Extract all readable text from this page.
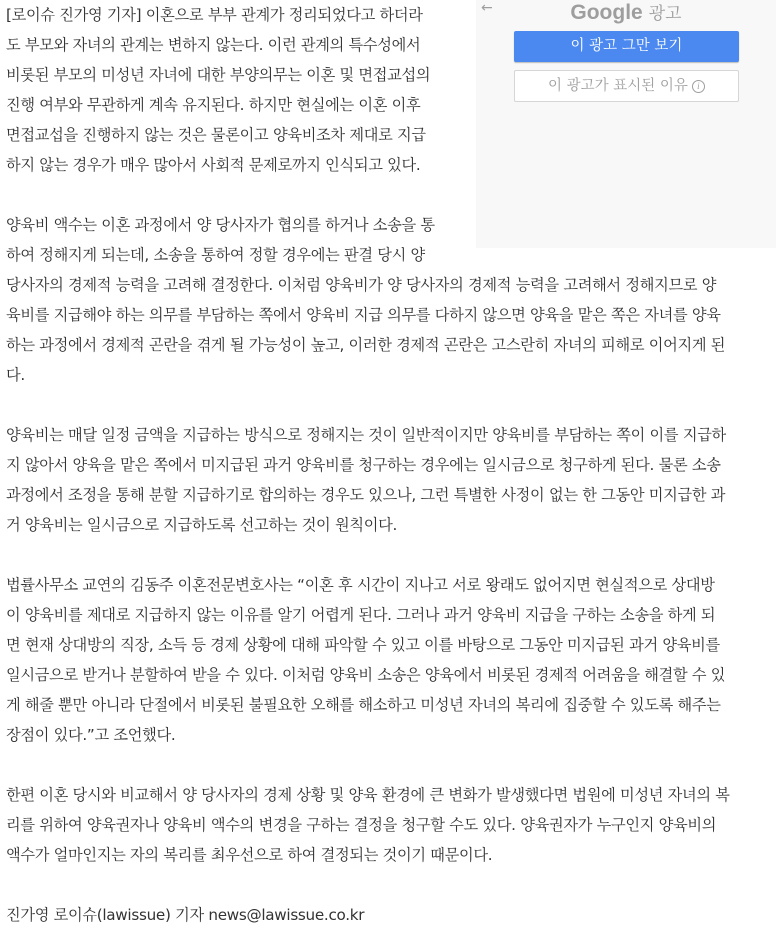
←	Google 광고
이 광고 그만 보기
이 광고가 표시된 이유 i
[로이슈 진가영 기자] 이혼으로 부부 관계가 정리되었다고 하더라
도 부모와 자녀의 관계는 변하지 않는다. 이런 관계의 특수성에서
비롯된 부모의 미성년 자녀에 대한 부양의무는 이혼 및 면접교섭의
진행 여부와 무관하게 계속 유지된다. 하지만 현실에는 이혼 이후
면접교섭을 진행하지 않는 것은 물론이고 양육비조차 제대로 지급
하지 않는 경우가 매우 많아서 사회적 문제로까지 인식되고 있다.
양육비 액수는 이혼 과정에서 양 당사자가 협의를 하거나 소송을 통
하여 정해지게 되는데, 소송을 통하여 정할 경우에는 판결 당시 양
당사자의 경제적 능력을 고려해 결정한다. 이처럼 양육비가 양 당사자의 경제적 능력을 고려해서 정해지므로 양
육비를 지급해야 하는 의무를 부담하는 쪽에서 양육비 지급 의무를 다하지 않으면 양육을 맡은 쪽은 자녀를 양육
하는 과정에서 경제적 곤란을 겪게 될 가능성이 높고, 이러한 경제적 곤란은 고스란히 자녀의 피해로 이어지게 된
다.
양육비는 매달 일정 금액을 지급하는 방식으로 정해지는 것이 일반적이지만 양육비를 부담하는 쪽이 이를 지급하
지 않아서 양육을 맡은 쪽에서 미지급된 과거 양육비를 청구하는 경우에는 일시금으로 청구하게 된다. 물론 소송
과정에서 조정을 통해 분할 지급하기로 합의하는 경우도 있으나, 그런 특별한 사정이 없는 한 그동안 미지급한 과
거 양육비는 일시금으로 지급하도록 선고하는 것이 원칙이다.
법률사무소 교연의 김동주 이혼전문변호사는 “이혼 후 시간이 지나고 서로 왕래도 없어지면 현실적으로 상대방
이 양육비를 제대로 지급하지 않는 이유를 알기 어렵게 된다. 그러나 과거 양육비 지급을 구하는 소송을 하게 되
면 현재 상대방의 직장, 소득 등 경제 상황에 대해 파악할 수 있고 이를 바탕으로 그동안 미지급된 과거 양육비를
일시금으로 받거나 분할하여 받을 수 있다. 이처럼 양육비 소송은 양육에서 비롯된 경제적 어려움을 해결할 수 있
게 해줄 뿐만 아니라 단절에서 비롯된 불필요한 오해를 해소하고 미성년 자녀의 복리에 집중할 수 있도록 해주는
장점이 있다.”고 조언했다.
한편 이혼 당시와 비교해서 양 당사자의 경제 상황 및 양육 환경에 큰 변화가 발생했다면 법원에 미성년 자녀의 복
리를 위하여 양육권자나 양육비 액수의 변경을 구하는 결정을 청구할 수도 있다. 양육권자가 누구인지 양육비의
액수가 얼마인지는 자의 복리를 최우선으로 하여 결정되는 것이기 때문이다.
진가영 로이슈(lawissue) 기자 news@lawissue.co.kr
